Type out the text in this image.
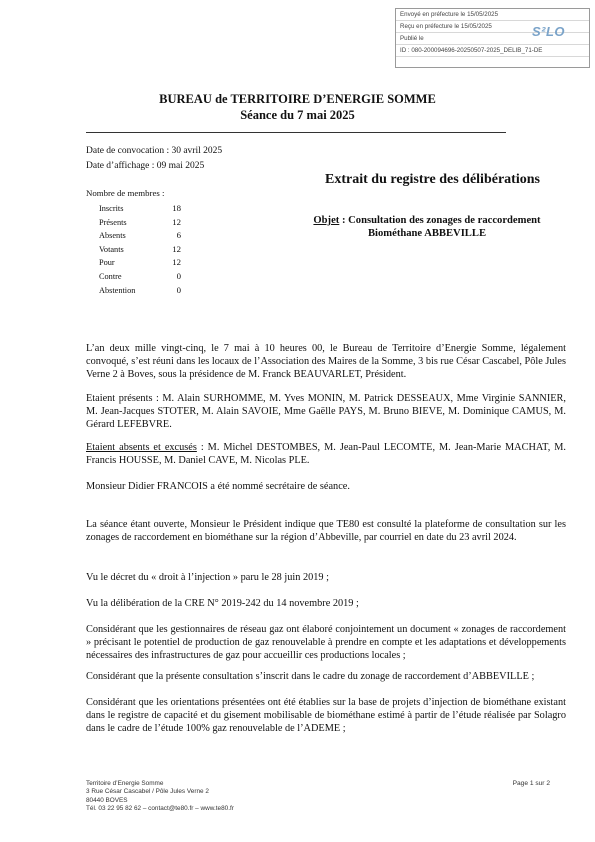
Envoyé en préfecture le 15/05/2025
Reçu en préfecture le 15/05/2025
Publié le
ID : 080-200094696-20250507-2025_DELIB_71-DE
S²LO
BUREAU de TERRITOIRE D’ENERGIE SOMME
Séance du 7 mai 2025
Date de convocation : 30 avril 2025
Date d’affichage : 09 mai 2025
Nombre de membres :
Inscrits	18
Présents	12
Absents	6
Votants	12
Pour	12
Contre	0
Abstention	0
Extrait du registre des délibérations
Objet : Consultation des zonages de raccordement
Biométhane ABBEVILLE
L’an deux mille vingt-cinq, le 7 mai à 10 heures 00, le Bureau de Territoire d’Energie Somme, légalement convoqué, s’est réuni dans les locaux de l’Association des Maires de la Somme, 3 bis rue César Cascabel, Pôle Jules Verne 2 à Boves, sous la présidence de M. Franck BEAUVARLET, Président.
Etaient présents : M. Alain SURHOMME, M. Yves MONIN, M. Patrick DESSEAUX, Mme Virginie SANNIER, M. Jean-Jacques STOTER, M. Alain SAVOIE, Mme Gaëlle PAYS, M. Bruno BIEVE, M. Dominique CAMUS, M. Gérard LEFEBVRE.
Etaient absents et excusés : M. Michel DESTOMBES, M. Jean-Paul LECOMTE, M. Jean-Marie MACHAT, M. Francis HOUSSE, M. Daniel CAVE, M. Nicolas PLE.
Monsieur Didier FRANCOIS a été nommé secrétaire de séance.
La séance étant ouverte, Monsieur le Président indique que TE80 est consulté la plateforme de consultation sur les zonages de raccordement en biométhane sur la région d’Abbeville, par courriel en date du 23 avril 2024.
Vu le décret du « droit à l’injection » paru le 28 juin 2019 ;
Vu la délibération de la CRE N° 2019-242 du 14 novembre 2019 ;
Considérant que les gestionnaires de réseau gaz ont élaboré conjointement un document « zonages de raccordement » précisant le potentiel de production de gaz renouvelable à prendre en compte et les adaptations et développements nécessaires des infrastructures de gaz pour accueillir ces productions locales ;
Considérant que la présente consultation s’inscrit dans le cadre du zonage de raccordement d’ABBEVILLE ;
Considérant que les orientations présentées ont été établies sur la base de projets d’injection de biométhane existant dans le registre de capacité et du gisement mobilisable de biométhane estimé à partir de l’étude réalisée par Solagro dans le cadre de l’étude 100% gaz renouvelable de l’ADEME ;
Territoire d’Energie Somme
3 Rue César Cascabel / Pôle Jules Verne 2
80440 BOVES
Tél. 03 22 95 82 62 – contact@te80.fr – www.te80.fr
Page 1 sur 2
